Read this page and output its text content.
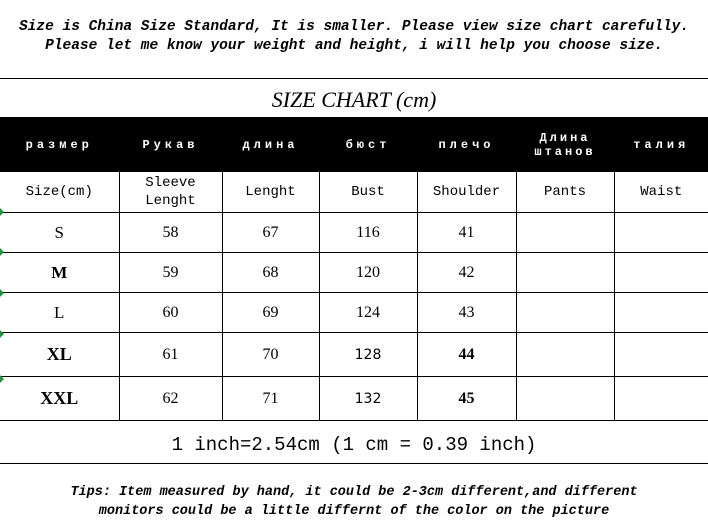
Size is China Size Standard, It is smaller. Please view size chart carefully.
Please let me know your weight and height, i will help you choose size.
SIZE CHART (cm)
размер	Рукав	длина	бюст	плечо	Длина штанов	талия
Size(cm)	Sleeve Lenght	Lenght	Bust	Shoulder	Pants	Waist
S	58	67	116	41		
M	59	68	120	42		
L	60	69	124	43		
XL	61	70	128	44		
XXL	62	71	132	45		
1 inch=2.54cm (1 cm = 0.39 inch)
Tips: Item measured by hand, it could be 2-3cm different,and different
monitors could be a little differnt of the color on the picture
